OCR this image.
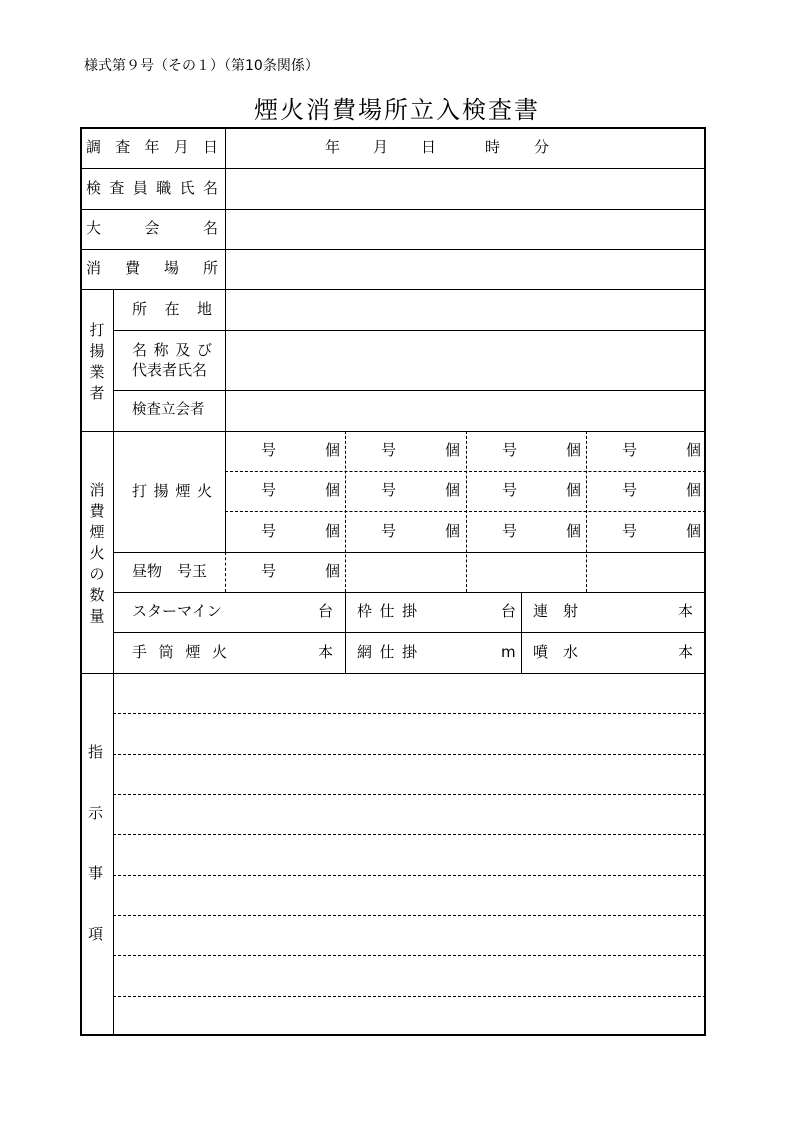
様式第９号（その１）（第10条関係）
煙火消費場所立入検査書
調 査 年 月 日	年 月 日	時 分
検 査 員 職 氏 名
大	会	名
消 費 場 所
打
揚
業
者
所 在 地
名 称 及 び
代表者氏名
検査立会者
消
費
煙
火
の
数
量
打 揚 煙 火
号	個	号	個	号	個	号	個
号	個	号	個	号	個	号	個
号	個	号	個	号	個	号	個
昼物　号玉	号	個
スターマイン	台 枠 仕 掛	台 連 射	本
手 筒 煙 火	本 網 仕 掛	m 噴 水	本
指
示
事
項
